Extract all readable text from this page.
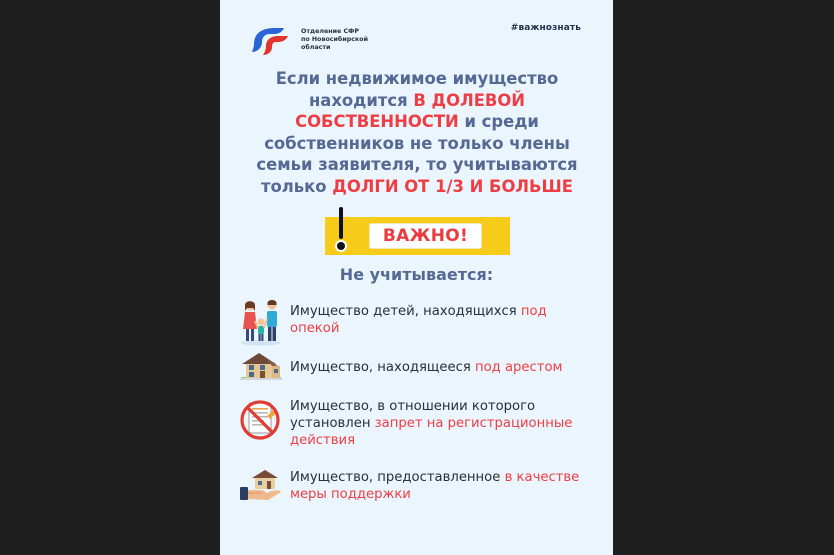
Отделение СФР
по Новосибирской
области
#важнознать
Если недвижимое имущество находится В ДОЛЕВОЙ СОБСТВЕННОСТИ и среди собственников не только члены семьи заявителя, то учитываются только ДОЛГИ ОТ 1/3 И БОЛЬШЕ
ВАЖНО!
Не учитывается:
Имущество детей, находящихся под опекой
Имущество, находящееся под арестом
Имущество, в отношении которого установлен запрет на регистрационные действия
Имущество, предоставленное в качестве меры поддержки
